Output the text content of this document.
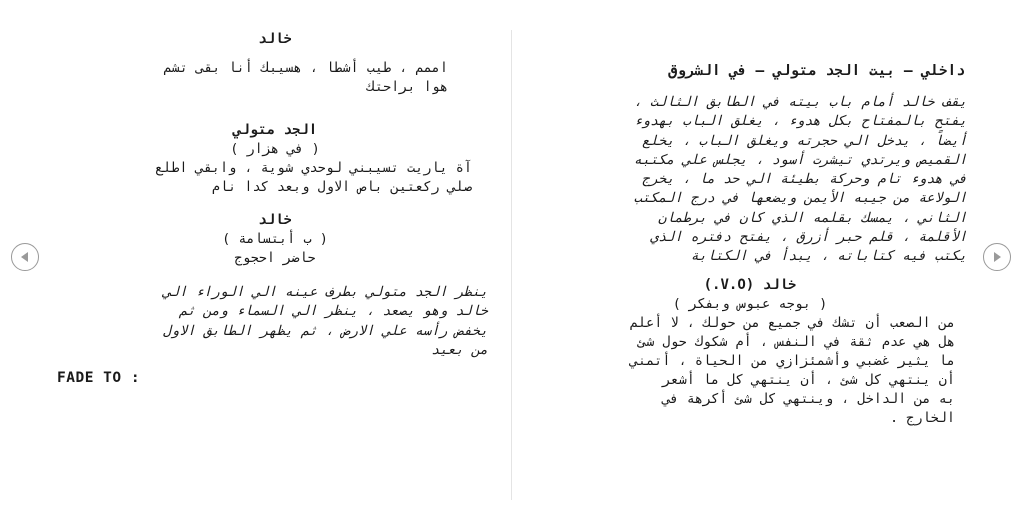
خالد

اممم ، طيب أشطا ، هسيبك أنا بقى تشم

هوا براحتك

الجد متولي

( في هزار )

آة ياريت تسيبني لوحدي شوية ، وابقي اطلع

صلي ركعتين باص الاول وبعد كدا نام

خالد

( ب أبتسامة )

حاضر احجوج

ينظر الجد متولي بطرف عينه الي الوراء الي

خالد وهو يصعد ، ينظر الي السماء ومن ثم

يخفض رأسه علي الارض ، ثم يظهر الطابق الاول

من بعيد

FADE TO :

داخلي – بيت الجد متولي – في الشروق

يقف خالد أمام باب بيته في الطابق الثالث ،

يفتح بالمفتاح بكل هدوء ، يغلق الباب بهدوء

أيضاً ، يدخل الي حجرته ويغلق الباب ، يخلع

القميص ويرتدي تيشرت أسود ، يجلس علي مكتبه

في هدوء تام وحركة بطيئة الي حد ما ، يخرج

الولاعة من جيبه الأيمن ويضعها في درج المكتب

الثاني ، يمسك بقلمه الذي كان في برطمان

الأقلمة ، قلم حبر أزرق ، يفتح دفتره الذي

يكتب فيه كتاباته ، يبدأ في الكتابة

خالد (V.O.)

( بوجه عبوس وبفكر )

من الصعب أن تشك في جميع من حولك ، لا أعلم

هل هي عدم ثقة في النفس ، أم شكوك حول شئ

ما يثير غضبي وأشمئزازي من الحياة ، أتمني

أن ينتهي كل شئ ، أن ينتهي كل ما أشعر

به من الداخل ، وينتهي كل شئ أكرهة في

الخارج .
